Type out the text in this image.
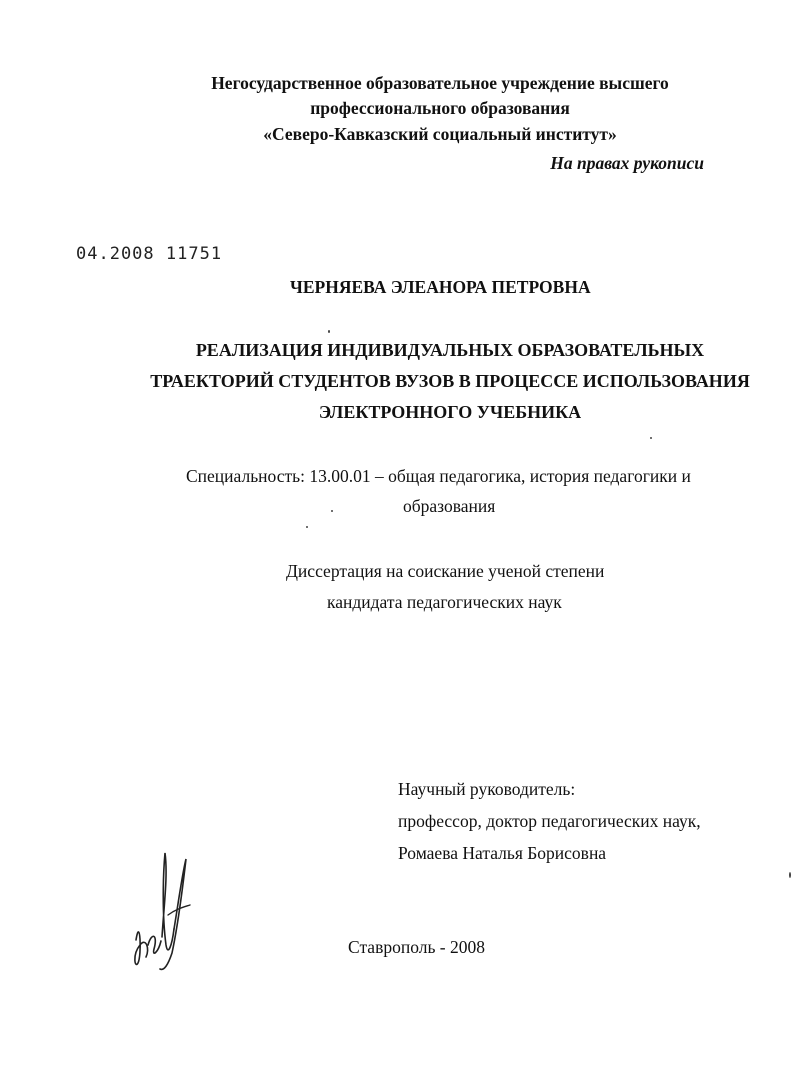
Негосударственное образовательное учреждение высшего
профессионального образования
«Северо-Кавказский социальный институт»
На правах рукописи
04.2008 11751
ЧЕРНЯЕВА ЭЛЕАНОРА ПЕТРОВНА
РЕАЛИЗАЦИЯ ИНДИВИДУАЛЬНЫХ ОБРАЗОВАТЕЛЬНЫХ
ТРАЕКТОРИЙ СТУДЕНТОВ ВУЗОВ В ПРОЦЕССЕ ИСПОЛЬЗОВАНИЯ
ЭЛЕКТРОННОГО УЧЕБНИКА
Специальность: 13.00.01 – общая педагогика, история педагогики и
образования
Диссертация на соискание ученой степени
кандидата педагогических наук
Научный руководитель:
профессор, доктор педагогических наук,
Ромаева Наталья Борисовна
Ставрополь - 2008
